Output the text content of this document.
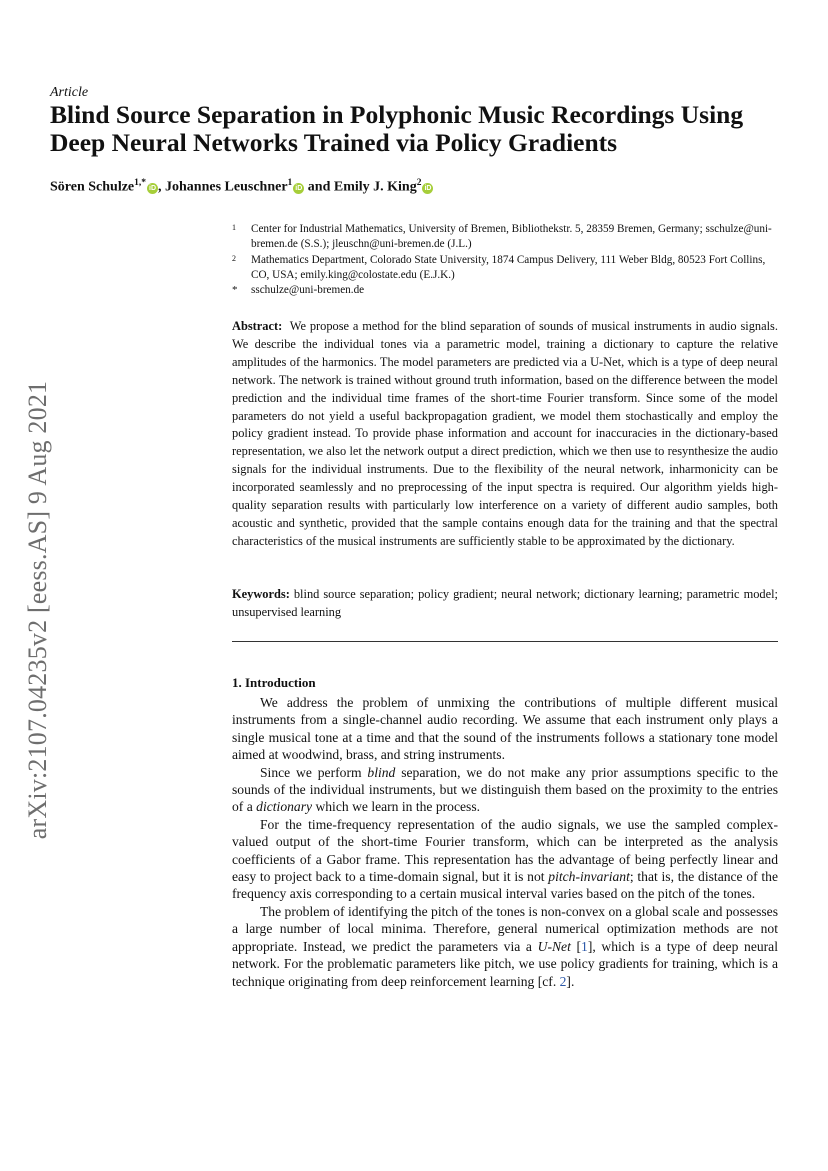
arXiv:2107.04235v2 [eess.AS] 9 Aug 2021
Article
Blind Source Separation in Polyphonic Music Recordings Using Deep Neural Networks Trained via Policy Gradients
Sören Schulze$^{1,*}$iD , Johannes Leuschner$^1$iD and Emily J. King$^2$iD
1 Center for Industrial Mathematics, University of Bremen, Bibliothekstr. 5, 28359 Bremen, Germany; sschulze@uni-bremen.de (S.S.); jleuschn@uni-bremen.de (J.L.)
2 Mathematics Department, Colorado State University, 1874 Campus Delivery, 111 Weber Bldg, 80523 Fort Collins, CO, USA; emily.king@colostate.edu (E.J.K.)
* sschulze@uni-bremen.de

Abstract: We propose a method for the blind separation of sounds of musical instruments in audio signals. We describe the individual tones via a parametric model, training a dictionary to capture the relative amplitudes of the harmonics. The model parameters are predicted via a U-Net, which is a type of deep neural network. The network is trained without ground truth information, based on the difference between the model prediction and the individual time frames of the short-time Fourier transform. Since some of the model parameters do not yield a useful backpropagation gradient, we model them stochastically and employ the policy gradient instead. To provide phase information and account for inaccuracies in the dictionary-based representation, we also let the network output a direct prediction, which we then use to resynthesize the audio signals for the individual instruments. Due to the flexibility of the neural network, inharmonicity can be incorporated seamlessly and no preprocessing of the input spectra is required. Our algorithm yields high-quality separation results with particularly low interference on a variety of different audio samples, both acoustic and synthetic, provided that the sample contains enough data for the training and that the spectral characteristics of the musical instruments are sufficiently stable to be approximated by the dictionary.

Keywords: blind source separation; policy gradient; neural network; dictionary learning; parametric model; unsupervised learning

1. Introduction

We address the problem of unmixing the contributions of multiple different musical instruments from a single-channel audio recording. We assume that each instrument only plays a single musical tone at a time and that the sound of the instruments follows a stationary tone model aimed at woodwind, brass, and string instruments.

Since we perform blind separation, we do not make any prior assumptions specific to the sounds of the individual instruments, but we distinguish them based on the proximity to the entries of a dictionary which we learn in the process.

For the time-frequency representation of the audio signals, we use the sampled complex-valued output of the short-time Fourier transform, which can be interpreted as the analysis coefficients of a Gabor frame. This representation has the advantage of being perfectly linear and easy to project back to a time-domain signal, but it is not pitch-invariant; that is, the distance of the frequency axis corresponding to a certain musical interval varies based on the pitch of the tones.

The problem of identifying the pitch of the tones is non-convex on a global scale and possesses a large number of local minima. Therefore, general numerical optimization methods are not appropriate. Instead, we predict the parameters via a U-Net [1], which is a type of deep neural network. For the problematic parameters like pitch, we use policy gradients for training, which is a technique originating from deep reinforcement learning [cf. 2].
